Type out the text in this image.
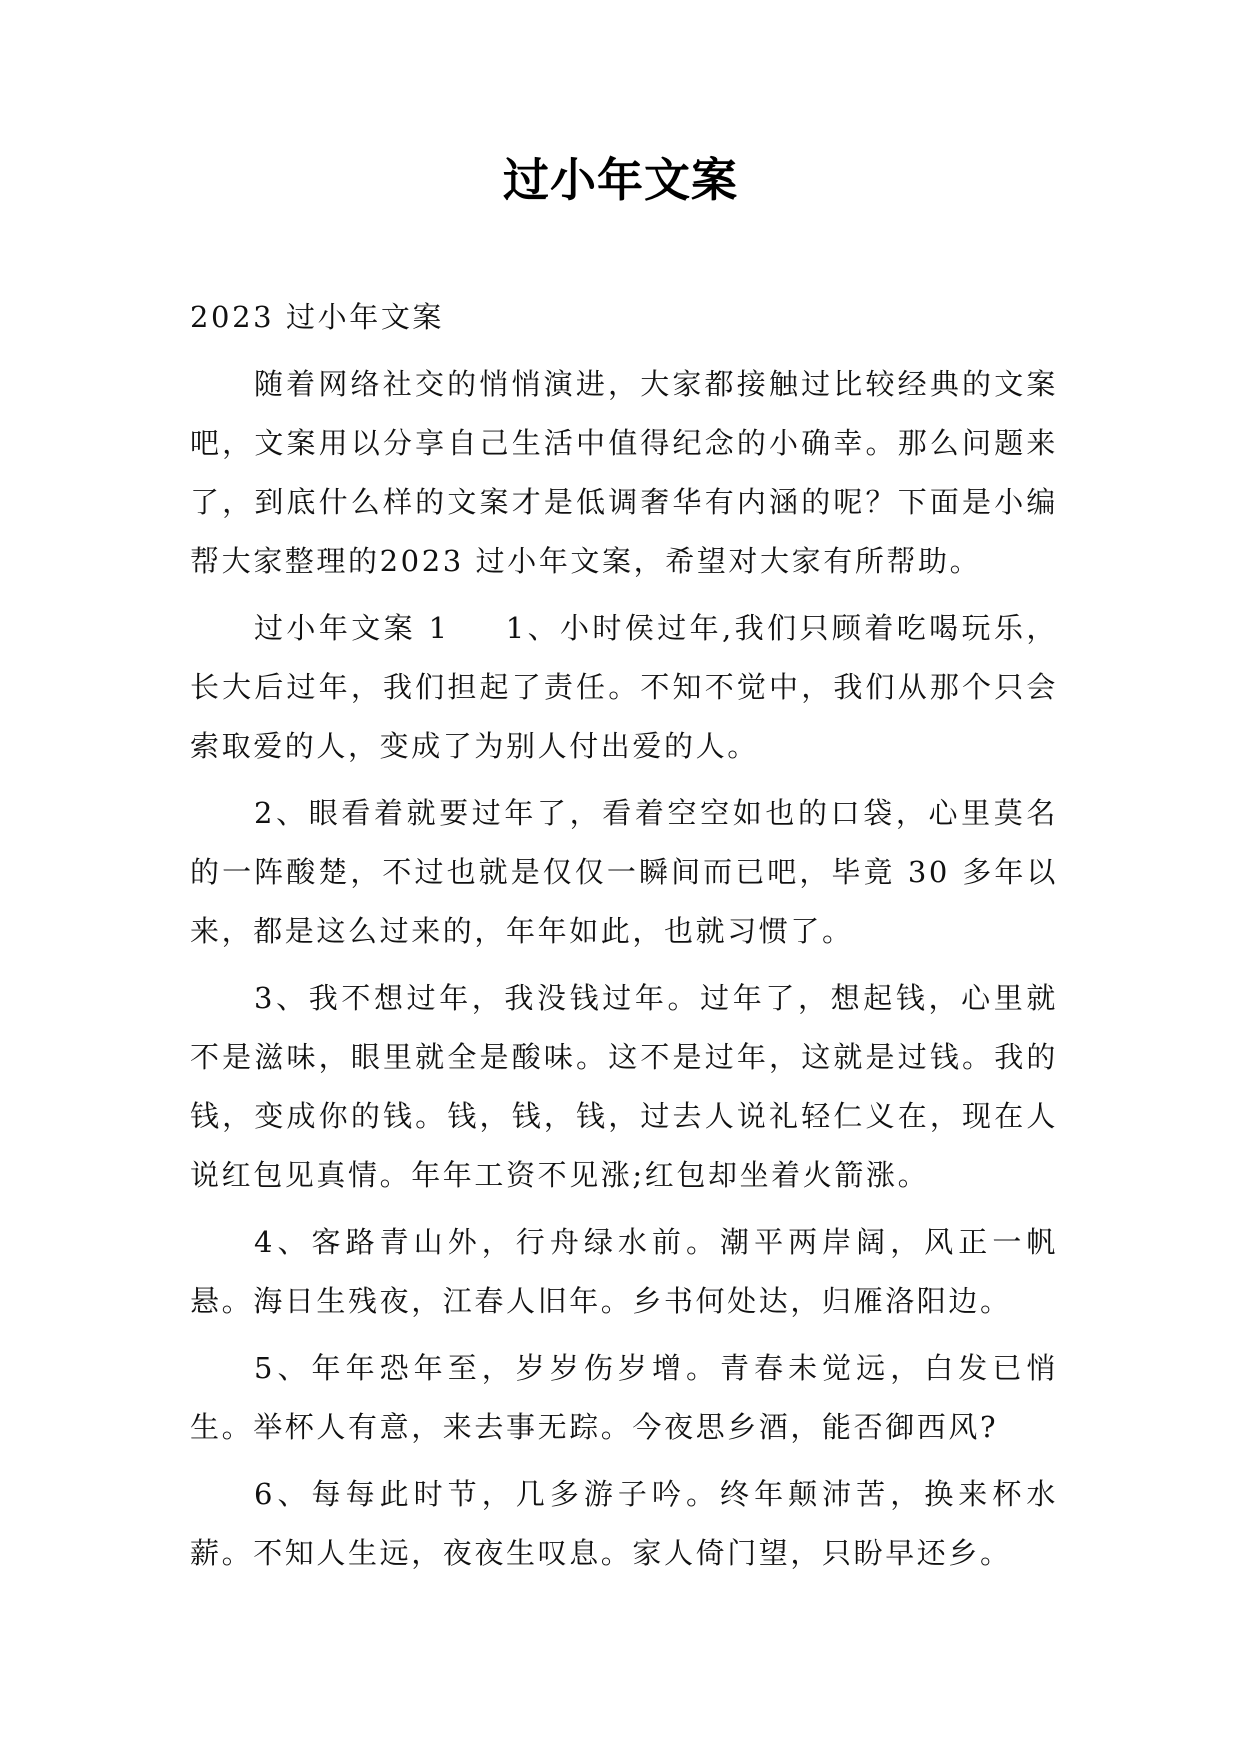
过小年文案

2023 过小年文案

随着网络社交的悄悄演进，大家都接触过比较经典的文案吧，文案用以分享自己生活中值得纪念的小确幸。那么问题来了，到底什么样的文案才是低调奢华有内涵的呢？下面是小编帮大家整理的2023 过小年文案，希望对大家有所帮助。

过小年文案 1 1、小时侯过年,我们只顾着吃喝玩乐，长大后过年，我们担起了责任。不知不觉中，我们从那个只会索取爱的人，变成了为别人付出爱的人。

2、眼看着就要过年了，看着空空如也的口袋，心里莫名的一阵酸楚，不过也就是仅仅一瞬间而已吧，毕竟 30 多年以来，都是这么过来的，年年如此，也就习惯了。

3、我不想过年，我没钱过年。过年了，想起钱，心里就不是滋味，眼里就全是酸味。这不是过年，这就是过钱。我的钱，变成你的钱。钱，钱，钱，过去人说礼轻仁义在，现在人说红包见真情。年年工资不见涨;红包却坐着火箭涨。

4、客路青山外，行舟绿水前。潮平两岸阔，风正一帆悬。海日生残夜，江春人旧年。乡书何处达，归雁洛阳边。

5、年年恐年至，岁岁伤岁增。青春未觉远，白发已悄生。举杯人有意，来去事无踪。今夜思乡酒，能否御西风?

6、每每此时节，几多游子吟。终年颠沛苦，换来杯水薪。不知人生远，夜夜生叹息。家人倚门望，只盼早还乡。
